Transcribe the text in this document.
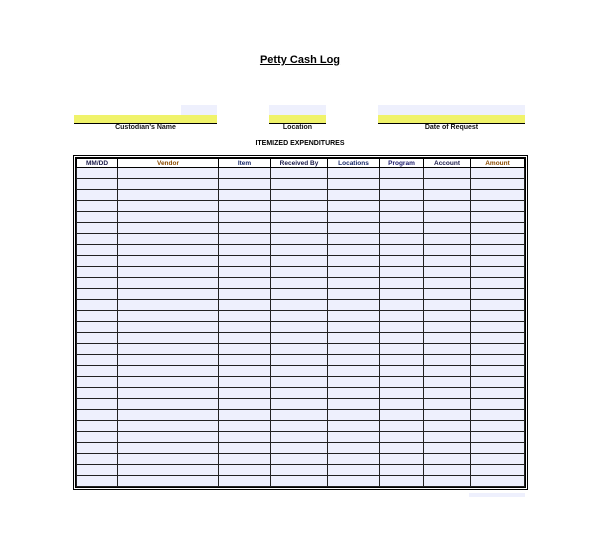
Petty Cash Log
Custodian's Name	Location	Date of Request
ITEMIZED EXPENDITURES
MM/DD	Vendor	Item	Received By	Locations	Program	Account	Amount
